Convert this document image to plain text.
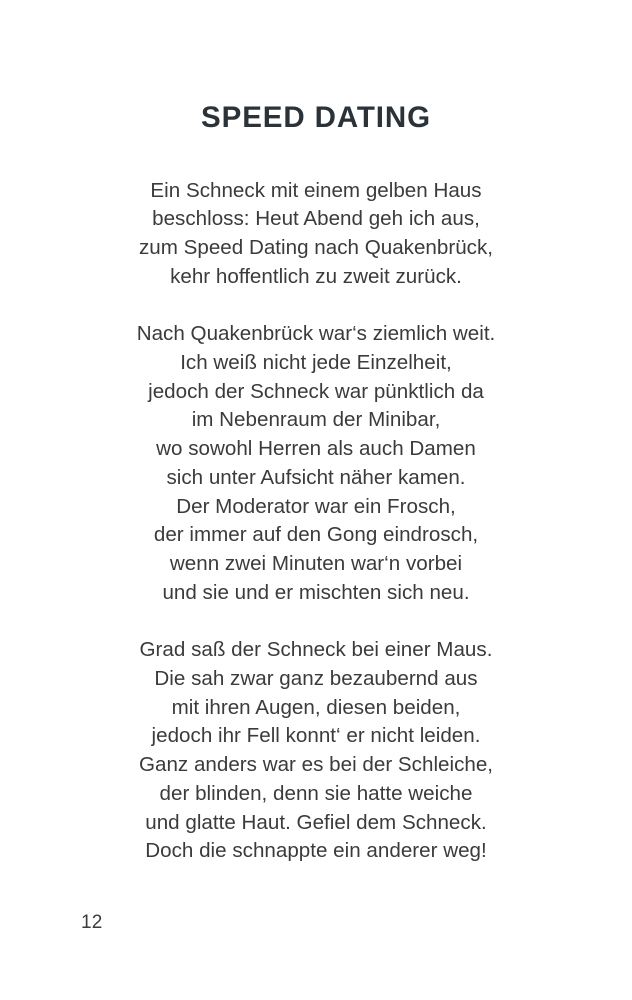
SPEED DATING
Ein Schneck mit einem gelben Haus
beschloss: Heut Abend geh ich aus,
zum Speed Dating nach Quakenbrück,
kehr hoffentlich zu zweit zurück.
Nach Quakenbrück war‘s ziemlich weit.
Ich weiß nicht jede Einzelheit,
jedoch der Schneck war pünktlich da
im Nebenraum der Minibar,
wo sowohl Herren als auch Damen
sich unter Aufsicht näher kamen.
Der Moderator war ein Frosch,
der immer auf den Gong eindrosch,
wenn zwei Minuten war‘n vorbei
und sie und er mischten sich neu.
Grad saß der Schneck bei einer Maus.
Die sah zwar ganz bezaubernd aus
mit ihren Augen, diesen beiden,
jedoch ihr Fell konnt‘ er nicht leiden.
Ganz anders war es bei der Schleiche,
der blinden, denn sie hatte weiche
und glatte Haut. Gefiel dem Schneck.
Doch die schnappte ein anderer weg!
12
